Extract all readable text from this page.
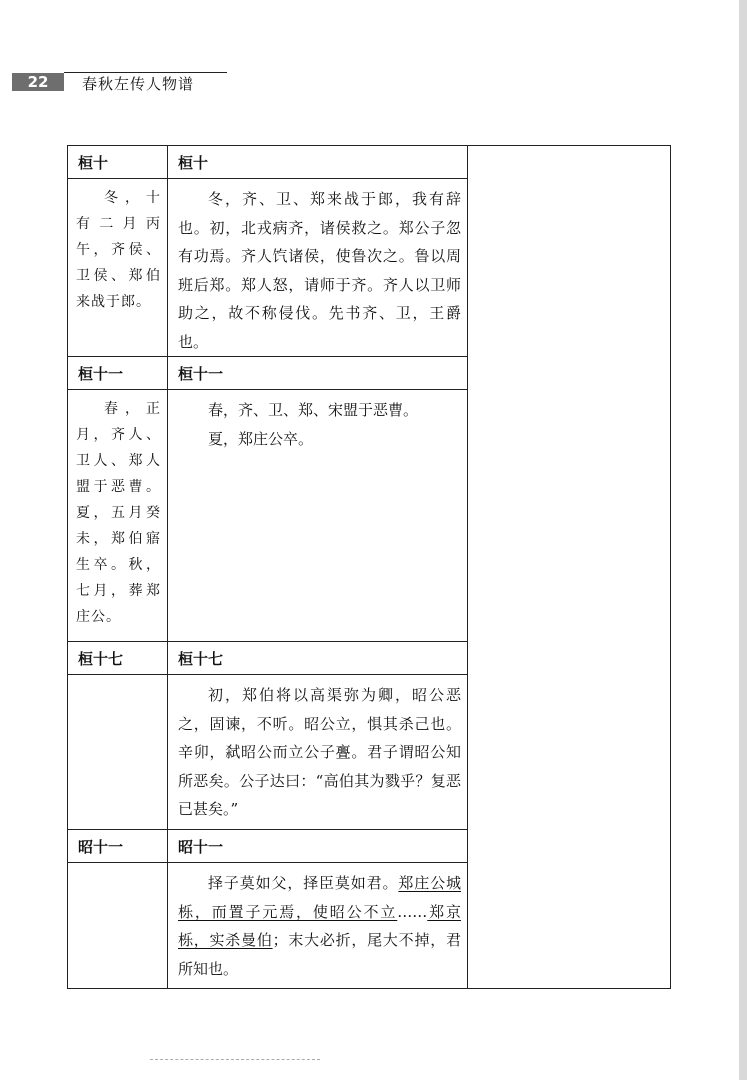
22	春秋左传人物谱
桓十	桓十	

冬，十有二月丙午，齐侯、卫侯、郑伯来战于郎。	冬，齐、卫、郑来战于郎，我有辞也。初，北戎病齐，诸侯救之。郑公子忽有功焉。齐人饩诸侯，使鲁次之。鲁以周班后郑。郑人怒，请师于齐。齐人以卫师助之，故不称侵伐。先书齐、卫，王爵也。	

桓十一	桓十一	

春，正月，齐人、卫人、郑人盟于恶曹。夏，五月癸未，郑伯寤生卒。秋，七月，葬郑庄公。	春，齐、卫、郑、宋盟于恶曹。
夏，郑庄公卒。	

桓十七	桓十七	

	初，郑伯将以高渠弥为卿，昭公恶之，固谏，不听。昭公立，惧其杀己也。辛卯，弑昭公而立公子亹。君子谓昭公知所恶矣。公子达曰：“高伯其为戮乎？复恶已甚矣。”	

昭十一	昭十一	

	择子莫如父，择臣莫如君。郑庄公城栎，而置子元焉，使昭公不立……郑京栎，实杀曼伯；末大必折，尾大不掉，君所知也。	
